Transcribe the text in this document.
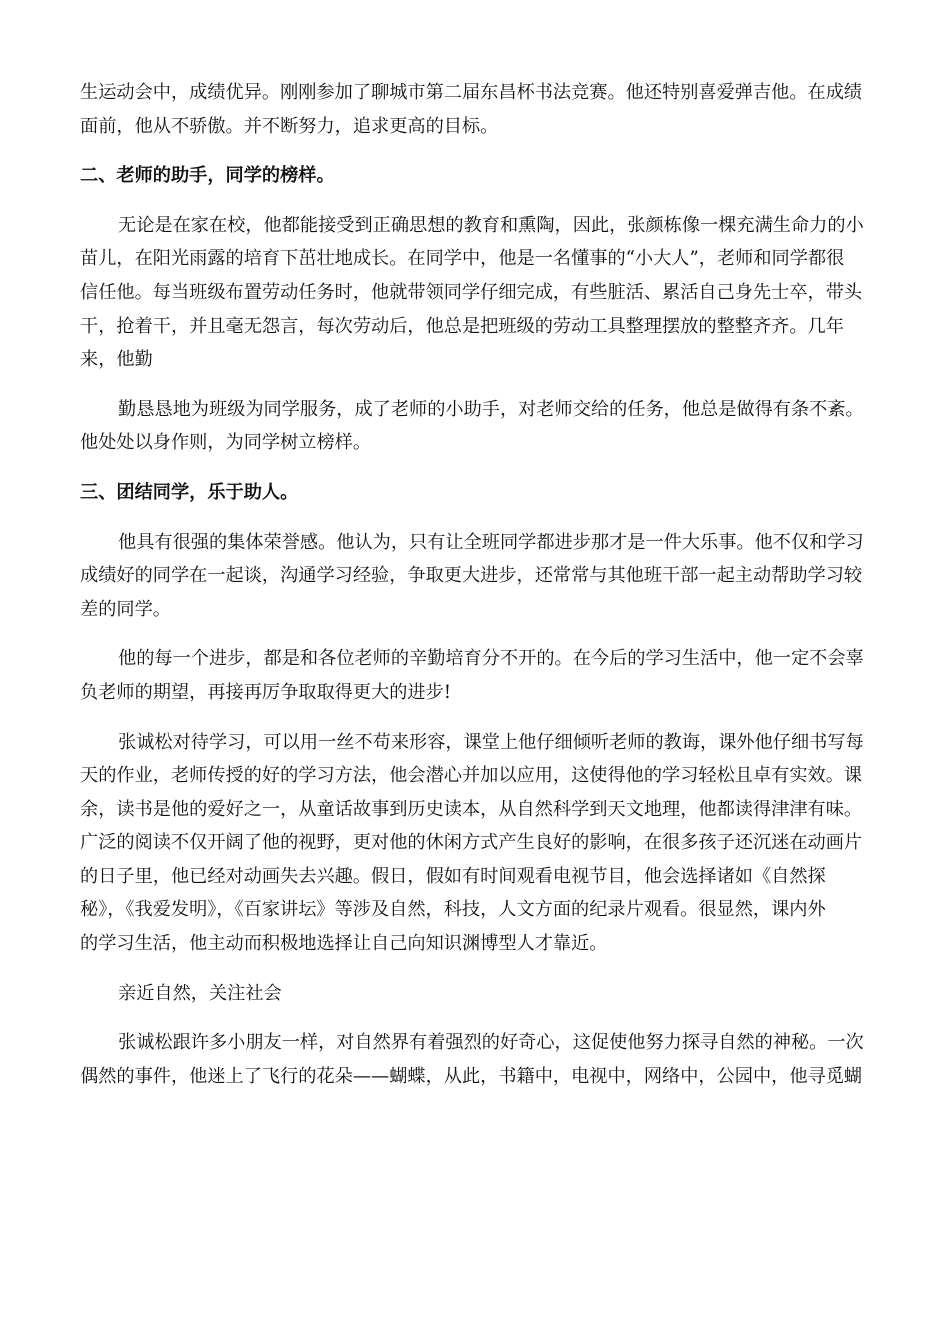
生运动会中，成绩优异。刚刚参加了聊城市第二届东昌杯书法竞赛。他还特别喜爱弹吉他。在成绩
面前，他从不骄傲。并不断努力，追求更高的目标。
二、老师的助手，同学的榜样。
无论是在家在校，他都能接受到正确思想的教育和熏陶，因此，张颜栋像一棵充满生命力的小
苗儿，在阳光雨露的培育下茁壮地成长。在同学中，他是一名懂事的“小大人”，老师和同学都很
信任他。每当班级布置劳动任务时，他就带领同学仔细完成，有些脏活、累活自己身先士卒，带头
干，抢着干，并且毫无怨言，每次劳动后，他总是把班级的劳动工具整理摆放的整整齐齐。几年
来，他勤
勤恳恳地为班级为同学服务，成了老师的小助手，对老师交给的任务，他总是做得有条不紊。
他处处以身作则，为同学树立榜样。
三、团结同学，乐于助人。
他具有很强的集体荣誉感。他认为，只有让全班同学都进步那才是一件大乐事。他不仅和学习
成绩好的同学在一起谈，沟通学习经验，争取更大进步，还常常与其他班干部一起主动帮助学习较
差的同学。
他的每一个进步，都是和各位老师的辛勤培育分不开的。在今后的学习生活中，他一定不会辜
负老师的期望，再接再厉争取取得更大的进步!
张诚松对待学习，可以用一丝不苟来形容，课堂上他仔细倾听老师的教诲，课外他仔细书写每
天的作业，老师传授的好的学习方法，他会潜心并加以应用，这使得他的学习轻松且卓有实效。课
余，读书是他的爱好之一，从童话故事到历史读本，从自然科学到天文地理，他都读得津津有味。
广泛的阅读不仅开阔了他的视野，更对他的休闲方式产生良好的影响，在很多孩子还沉迷在动画片
的日子里，他已经对动画失去兴趣。假日，假如有时间观看电视节目，他会选择诸如《自然探
秘》，《我爱发明》，《百家讲坛》等涉及自然，科技，人文方面的纪录片观看。很显然，课内外
的学习生活，他主动而积极地选择让自己向知识渊博型人才靠近。
亲近自然，关注社会
张诚松跟许多小朋友一样，对自然界有着强烈的好奇心，这促使他努力探寻自然的神秘。一次
偶然的事件，他迷上了飞行的花朵——蝴蝶，从此，书籍中，电视中，网络中，公园中，他寻觅蝴
